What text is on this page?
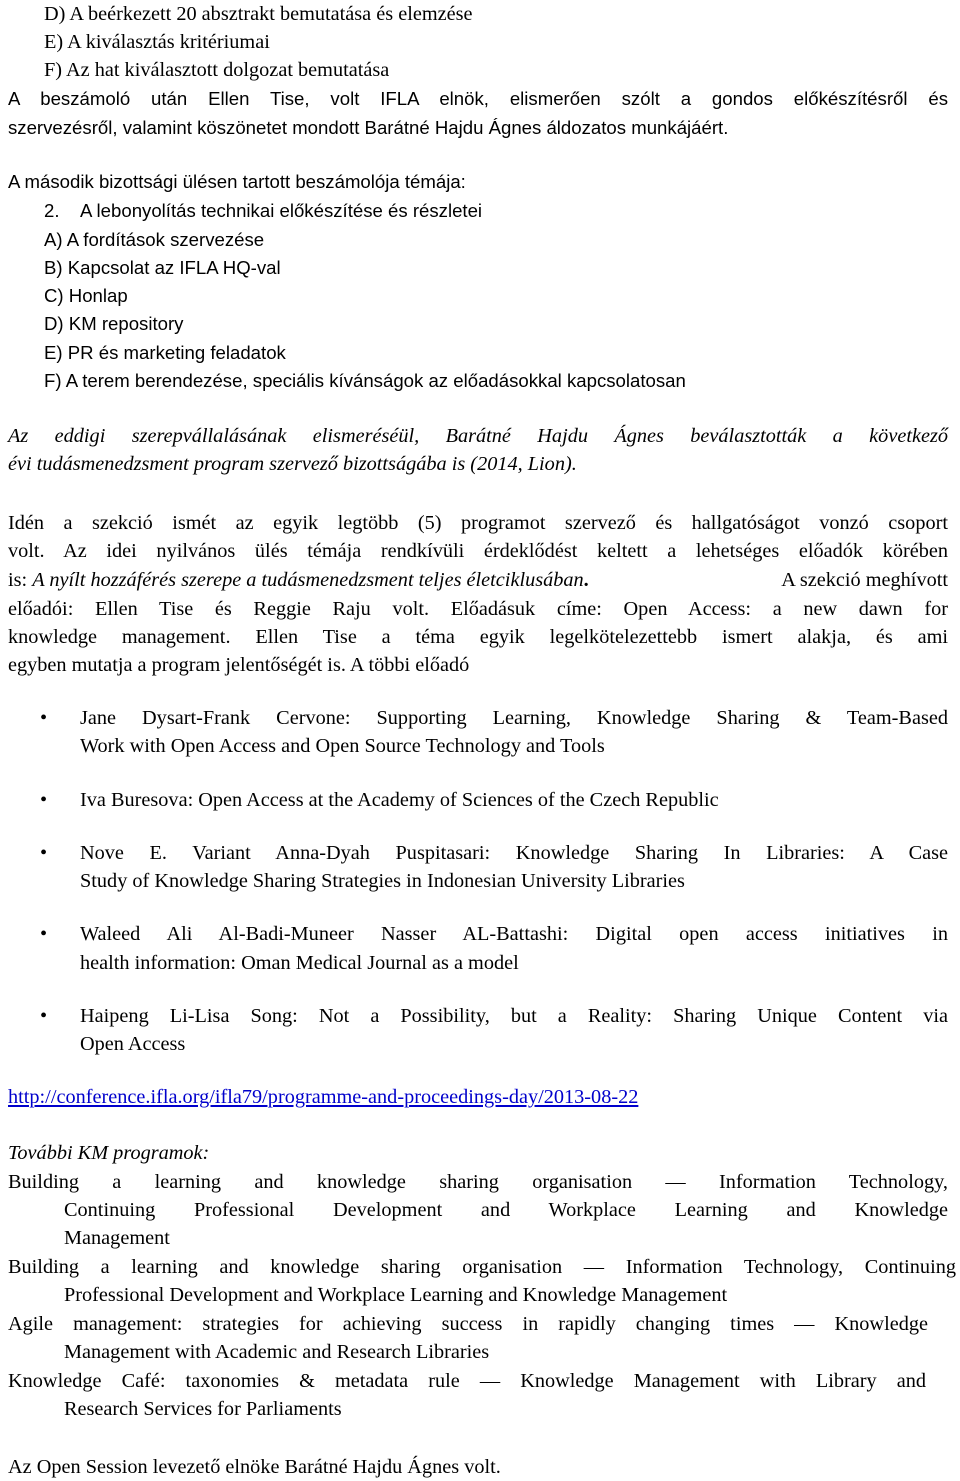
D) A beérkezett 20 absztrakt bemutatása és elemzése
E) A kiválasztás kritériumai
F) Az hat kiválasztott dolgozat bemutatása
A beszámoló után Ellen Tise, volt IFLA elnök, elismerően szólt a gondos előkészítésről és
szervezésről, valamint köszönetet mondott Barátné Hajdu Ágnes áldozatos munkájáért.
A második bizottsági ülésen tartott beszámolója témája:
2. A lebonyolítás technikai előkészítése és részletei
A) A fordítások szervezése
B) Kapcsolat az IFLA HQ-val
C) Honlap
D) KM repository
E) PR és marketing feladatok
F) A terem berendezése, speciális kívánságok az előadásokkal kapcsolatosan
Az eddigi szerepvállalásának elismeréséül, Barátné Hajdu Ágnes beválasztották a következő
évi tudásmenedzsment program szervező bizottságába is (2014, Lion).
Idén a szekció ismét az egyik legtöbb (5) programot szervező és hallgatóságot vonzó csoport
volt. Az idei nyilvános ülés témája rendkívüli érdeklődést keltett a lehetséges előadók körében
is: A nyílt hozzáférés szerepe a tudásmenedzsment teljes életciklusában.	A szekció meghívott
előadói: Ellen Tise és Reggie Raju volt. Előadásuk címe: Open Access: a new dawn for
knowledge management. Ellen Tise a téma egyik legelkötelezettebb ismert alakja, és ami
egyben mutatja a program jelentőségét is. A többi előadó
• Jane Dysart-Frank Cervone: Supporting Learning, Knowledge Sharing & Team-Based
Work with Open Access and Open Source Technology and Tools
• Iva Buresova: Open Access at the Academy of Sciences of the Czech Republic
• Nove E. Variant Anna-Dyah Puspitasari: Knowledge Sharing In Libraries: A Case
Study of Knowledge Sharing Strategies in Indonesian University Libraries
• Waleed Ali Al-Badi-Muneer Nasser AL-Battashi: Digital open access initiatives in
health information: Oman Medical Journal as a model
• Haipeng Li-Lisa Song: Not a Possibility, but a Reality: Sharing Unique Content via
Open Access
http://conference.ifla.org/ifla79/programme-and-proceedings-day/2013-08-22
További KM programok:
Building a learning and knowledge sharing organisation — Information Technology,
Continuing Professional Development and Workplace Learning and Knowledge
Management
Building a learning and knowledge sharing organisation — Information Technology, Continuing
Professional Development and Workplace Learning and Knowledge Management
Agile management: strategies for achieving success in rapidly changing times — Knowledge
Management with Academic and Research Libraries
Knowledge Café: taxonomies & metadata rule — Knowledge Management with Library and
Research Services for Parliaments
Az Open Session levezető elnöke Barátné Hajdu Ágnes volt.
